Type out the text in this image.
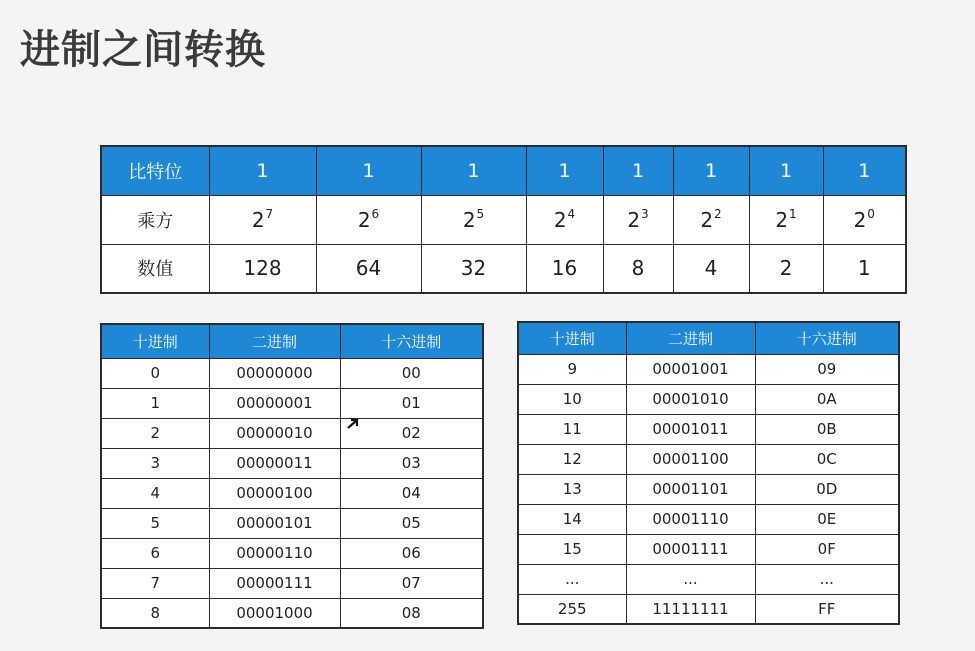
进制之间转换
比特位	1	1	1	1	1	1	1	1
乘方	$2^7$	$2^6$	$2^5$	$2^4$	$2^3$	$2^2$	$2^1$	$2^0$
数值	128	64	32	16	8	4	2	1
十进制	二进制	十六进制
0	00000000	00
1	00000001	01
2	00000010	02
3	00000011	03
4	00000100	04
5	00000101	05
6	00000110	06
7	00000111	07
8	00001000	08
十进制	二进制	十六进制
9	00001001	09
10	00001010	0A
11	00001011	0B
12	00001100	0C
13	00001101	0D
14	00001110	0E
15	00001111	0F
...	...	...
255	11111111	FF
